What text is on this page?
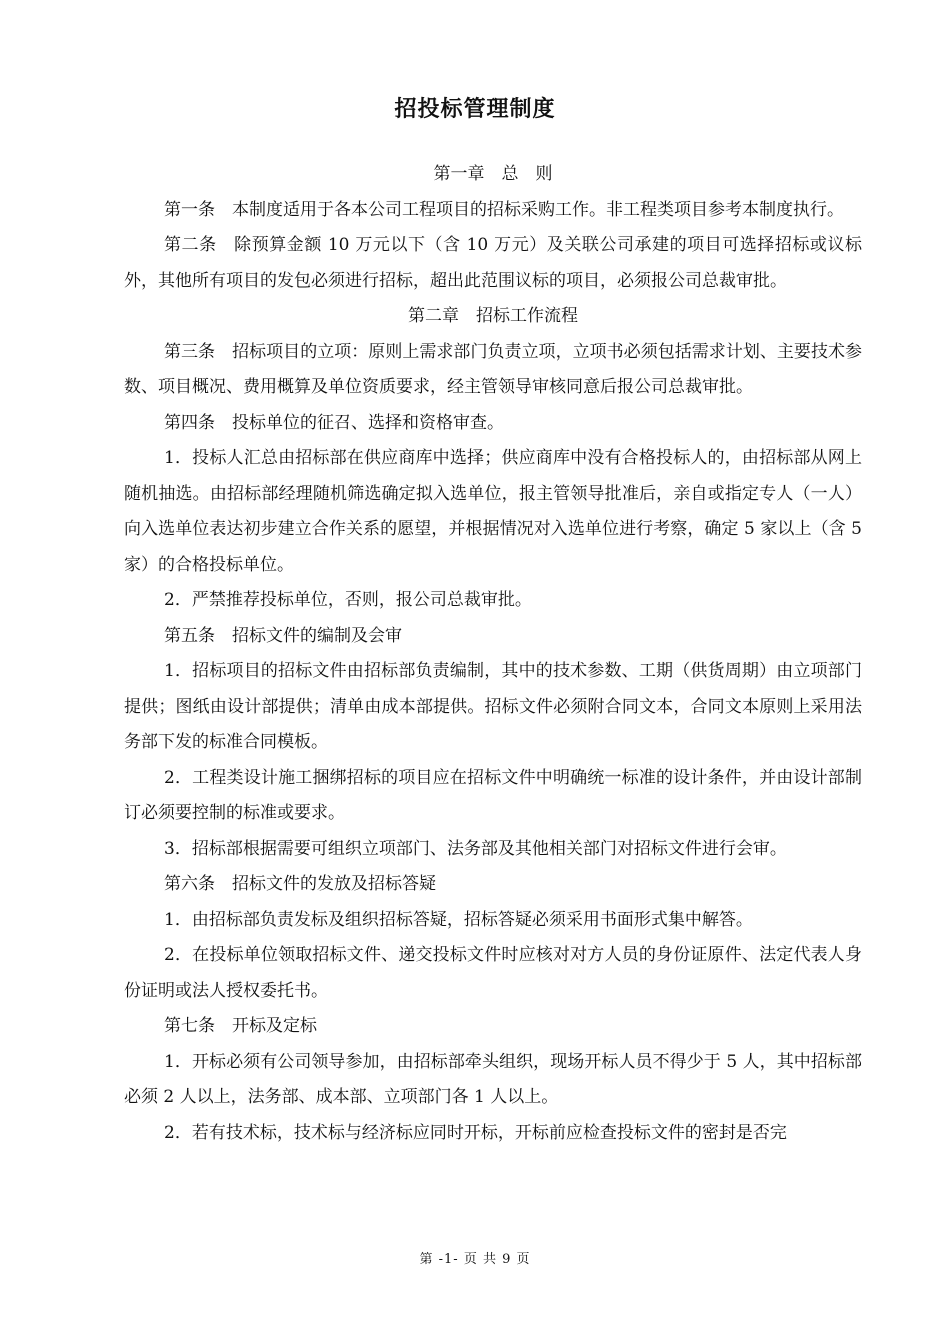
招投标管理制度

第一章　总　则

第一条　本制度适用于各本公司工程项目的招标采购工作。非工程类项目参考本制度执行。

第二条　除预算金额 10 万元以下（含 10 万元）及关联公司承建的项目可选择招标或议标外，其他所有项目的发包必须进行招标，超出此范围议标的项目，必须报公司总裁审批。

第二章　招标工作流程

第三条　招标项目的立项：原则上需求部门负责立项，立项书必须包括需求计划、主要技术参数、项目概况、费用概算及单位资质要求，经主管领导审核同意后报公司总裁审批。

第四条　投标单位的征召、选择和资格审查。

1．投标人汇总由招标部在供应商库中选择；供应商库中没有合格投标人的，由招标部从网上随机抽选。由招标部经理随机筛选确定拟入选单位，报主管领导批准后，亲自或指定专人（一人）向入选单位表达初步建立合作关系的愿望，并根据情况对入选单位进行考察，确定 5 家以上（含 5 家）的合格投标单位。

2．严禁推荐投标单位，否则，报公司总裁审批。

第五条　招标文件的编制及会审

1．招标项目的招标文件由招标部负责编制，其中的技术参数、工期（供货周期）由立项部门提供；图纸由设计部提供；清单由成本部提供。招标文件必须附合同文本，合同文本原则上采用法务部下发的标准合同模板。

2．工程类设计施工捆绑招标的项目应在招标文件中明确统一标准的设计条件，并由设计部制订必须要控制的标准或要求。

3．招标部根据需要可组织立项部门、法务部及其他相关部门对招标文件进行会审。

第六条　招标文件的发放及招标答疑

1．由招标部负责发标及组织招标答疑，招标答疑必须采用书面形式集中解答。

2．在投标单位领取招标文件、递交投标文件时应核对对方人员的身份证原件、法定代表人身份证明或法人授权委托书。

第七条　开标及定标

1．开标必须有公司领导参加，由招标部牵头组织，现场开标人员不得少于 5 人，其中招标部必须 2 人以上，法务部、成本部、立项部门各 1 人以上。

2．若有技术标，技术标与经济标应同时开标，开标前应检查投标文件的密封是否完

第 -1- 页 共 9 页
